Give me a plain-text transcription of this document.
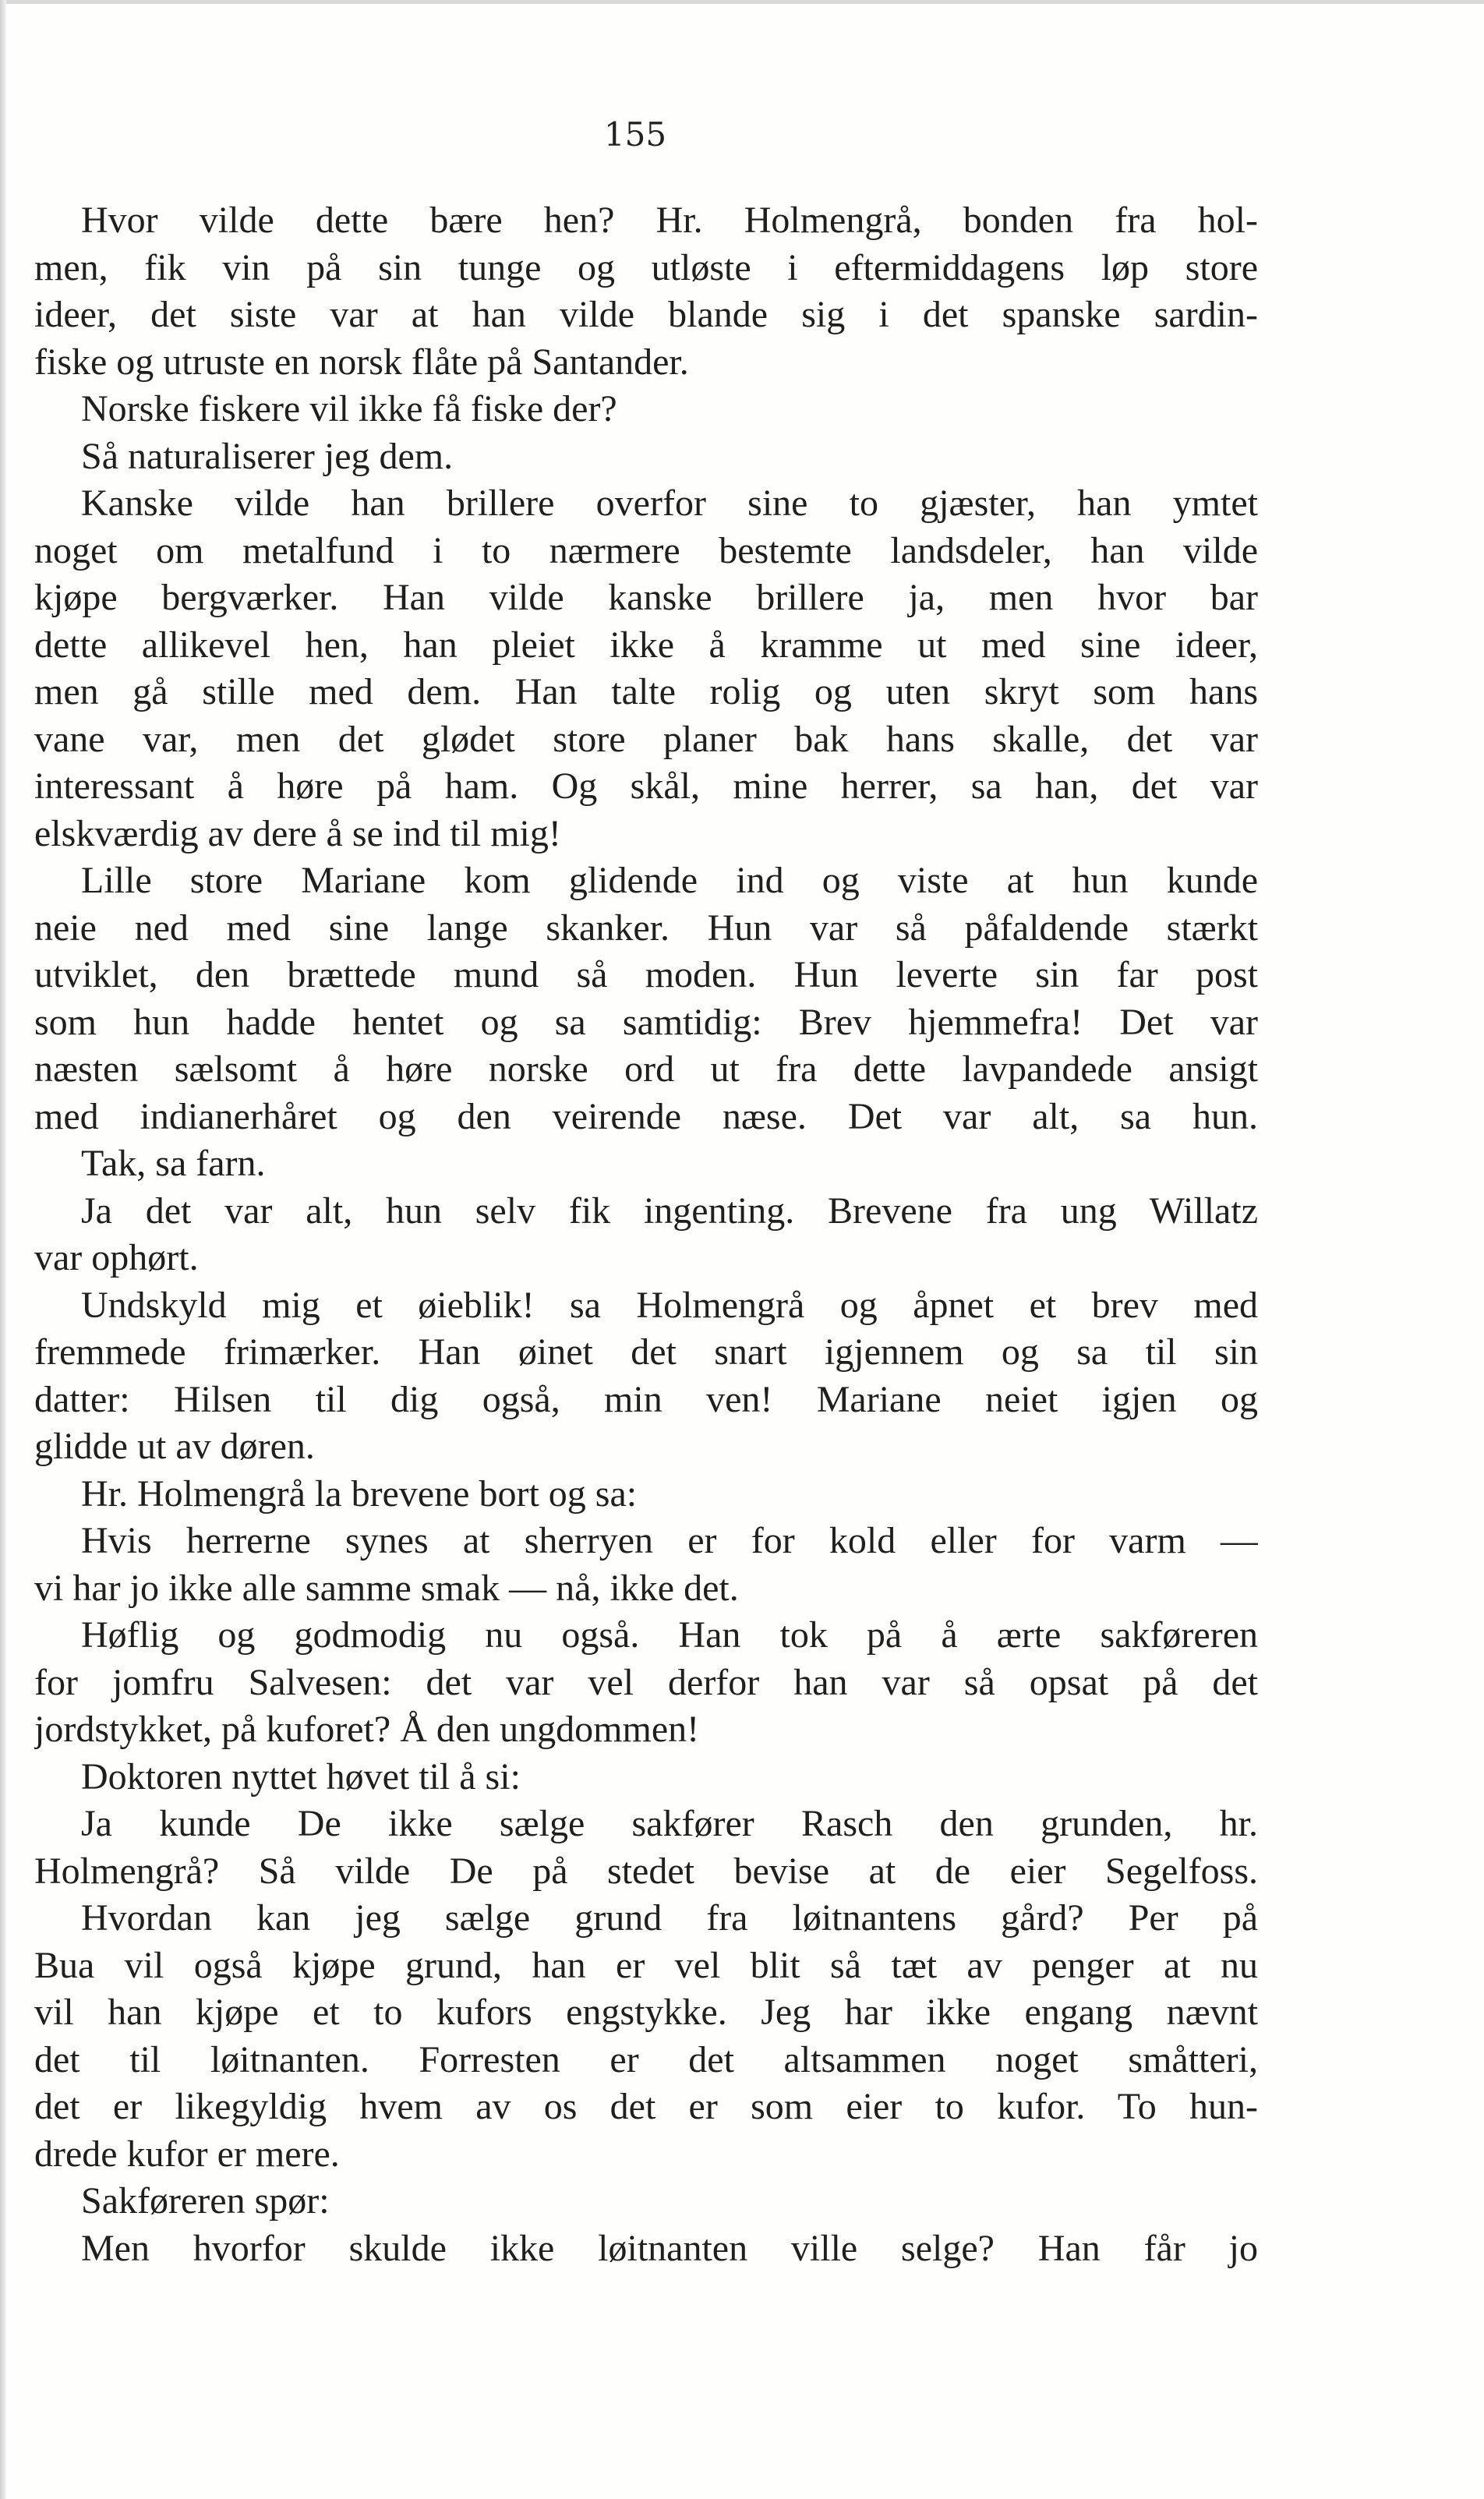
155
Hvor vilde dette bære hen? Hr. Holmengrå, bonden fra hol-
men, fik vin på sin tunge og utløste i eftermiddagens løp store
ideer, det siste var at han vilde blande sig i det spanske sardin-
fiske og utruste en norsk flåte på Santander.
Norske fiskere vil ikke få fiske der?
Så naturaliserer jeg dem.
Kanske vilde han brillere overfor sine to gjæster, han ymtet
noget om metalfund i to nærmere bestemte landsdeler, han vilde
kjøpe bergværker. Han vilde kanske brillere ja, men hvor bar
dette allikevel hen, han pleiet ikke å kramme ut med sine ideer,
men gå stille med dem. Han talte rolig og uten skryt som hans
vane var, men det glødet store planer bak hans skalle, det var
interessant å høre på ham. Og skål, mine herrer, sa han, det var
elskværdig av dere å se ind til mig!
Lille store Mariane kom glidende ind og viste at hun kunde
neie ned med sine lange skanker. Hun var så påfaldende stærkt
utviklet, den brættede mund så moden. Hun leverte sin far post
som hun hadde hentet og sa samtidig: Brev hjemmefra! Det var
næsten sælsomt å høre norske ord ut fra dette lavpandede ansigt
med indianerhåret og den veirende næse. Det var alt, sa hun.
Tak, sa farn.
Ja det var alt, hun selv fik ingenting. Brevene fra ung Willatz
var ophørt.
Undskyld mig et øieblik! sa Holmengrå og åpnet et brev med
fremmede frimærker. Han øinet det snart igjennem og sa til sin
datter: Hilsen til dig også, min ven! Mariane neiet igjen og
glidde ut av døren.
Hr. Holmengrå la brevene bort og sa:
Hvis herrerne synes at sherryen er for kold eller for varm —
vi har jo ikke alle samme smak — nå, ikke det.
Høflig og godmodig nu også. Han tok på å ærte sakføreren
for jomfru Salvesen: det var vel derfor han var så opsat på det
jordstykket, på kuforet? Å den ungdommen!
Doktoren nyttet høvet til å si:
Ja kunde De ikke sælge sakfører Rasch den grunden, hr.
Holmengrå? Så vilde De på stedet bevise at de eier Segelfoss.
Hvordan kan jeg sælge grund fra løitnantens gård? Per på
Bua vil også kjøpe grund, han er vel blit så tæt av penger at nu
vil han kjøpe et to kufors engstykke. Jeg har ikke engang nævnt
det til løitnanten. Forresten er det altsammen noget småtteri,
det er likegyldig hvem av os det er som eier to kufor. To hun-
drede kufor er mere.
Sakføreren spør:
Men hvorfor skulde ikke løitnanten ville selge? Han får jo
